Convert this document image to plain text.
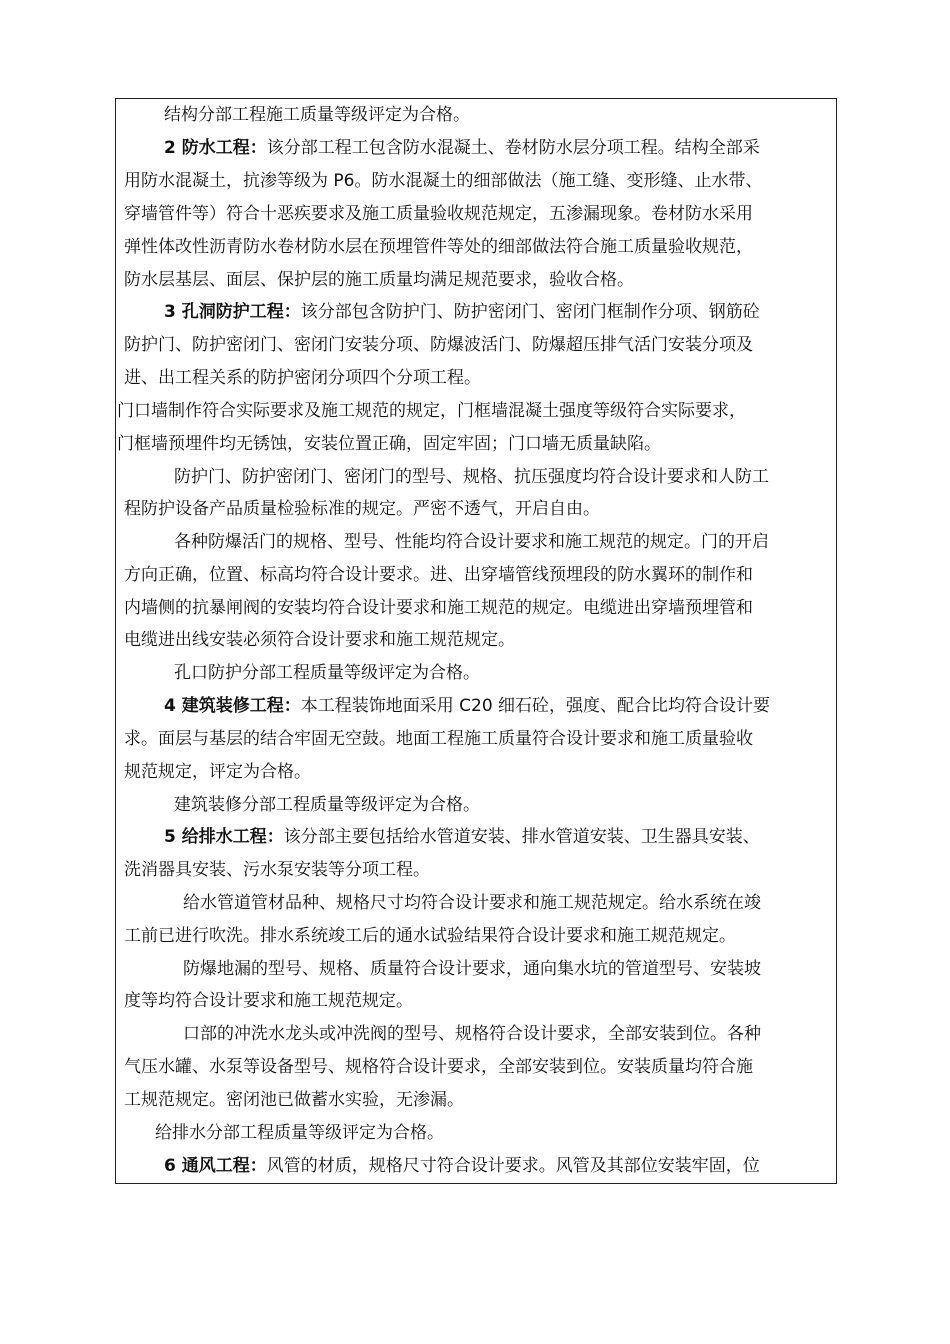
结构分部工程施工质量等级评定为合格。
2 防水工程：该分部工程工包含防水混凝土、卷材防水层分项工程。结构全部采
用防水混凝土，抗渗等级为 P6。防水混凝土的细部做法（施工缝、变形缝、止水带、
穿墙管件等）符合十恶疾要求及施工质量验收规范规定，五渗漏现象。卷材防水采用
弹性体改性沥青防水卷材防水层在预埋管件等处的细部做法符合施工质量验收规范，
防水层基层、面层、保护层的施工质量均满足规范要求，验收合格。
3 孔洞防护工程：该分部包含防护门、防护密闭门、密闭门框制作分项、钢筋砼
防护门、防护密闭门、密闭门安装分项、防爆波活门、防爆超压排气活门安装分项及
进、出工程关系的防护密闭分项四个分项工程。
门口墙制作符合实际要求及施工规范的规定，门框墙混凝土强度等级符合实际要求，
门框墙预埋件均无锈蚀，安装位置正确，固定牢固；门口墙无质量缺陷。
防护门、防护密闭门、密闭门的型号、规格、抗压强度均符合设计要求和人防工
程防护设备产品质量检验标准的规定。严密不透气，开启自由。
各种防爆活门的规格、型号、性能均符合设计要求和施工规范的规定。门的开启
方向正确，位置、标高均符合设计要求。进、出穿墙管线预埋段的防水翼环的制作和
内墙侧的抗暴闸阀的安装均符合设计要求和施工规范的规定。电缆进出穿墙预埋管和
电缆进出线安装必须符合设计要求和施工规范规定。
孔口防护分部工程质量等级评定为合格。
4 建筑装修工程：本工程装饰地面采用 C20 细石砼，强度、配合比均符合设计要
求。面层与基层的结合牢固无空鼓。地面工程施工质量符合设计要求和施工质量验收
规范规定，评定为合格。
建筑装修分部工程质量等级评定为合格。
5 给排水工程：该分部主要包括给水管道安装、排水管道安装、卫生器具安装、
洗消器具安装、污水泵安装等分项工程。
给水管道管材品种、规格尺寸均符合设计要求和施工规范规定。给水系统在竣
工前已进行吹洗。排水系统竣工后的通水试验结果符合设计要求和施工规范规定。
防爆地漏的型号、规格、质量符合设计要求，通向集水坑的管道型号、安装坡
度等均符合设计要求和施工规范规定。
口部的冲洗水龙头或冲洗阀的型号、规格符合设计要求，全部安装到位。各种
气压水罐、水泵等设备型号、规格符合设计要求，全部安装到位。安装质量均符合施
工规范规定。密闭池已做蓄水实验，无渗漏。
给排水分部工程质量等级评定为合格。
6 通风工程：风管的材质，规格尺寸符合设计要求。风管及其部位安装牢固，位
